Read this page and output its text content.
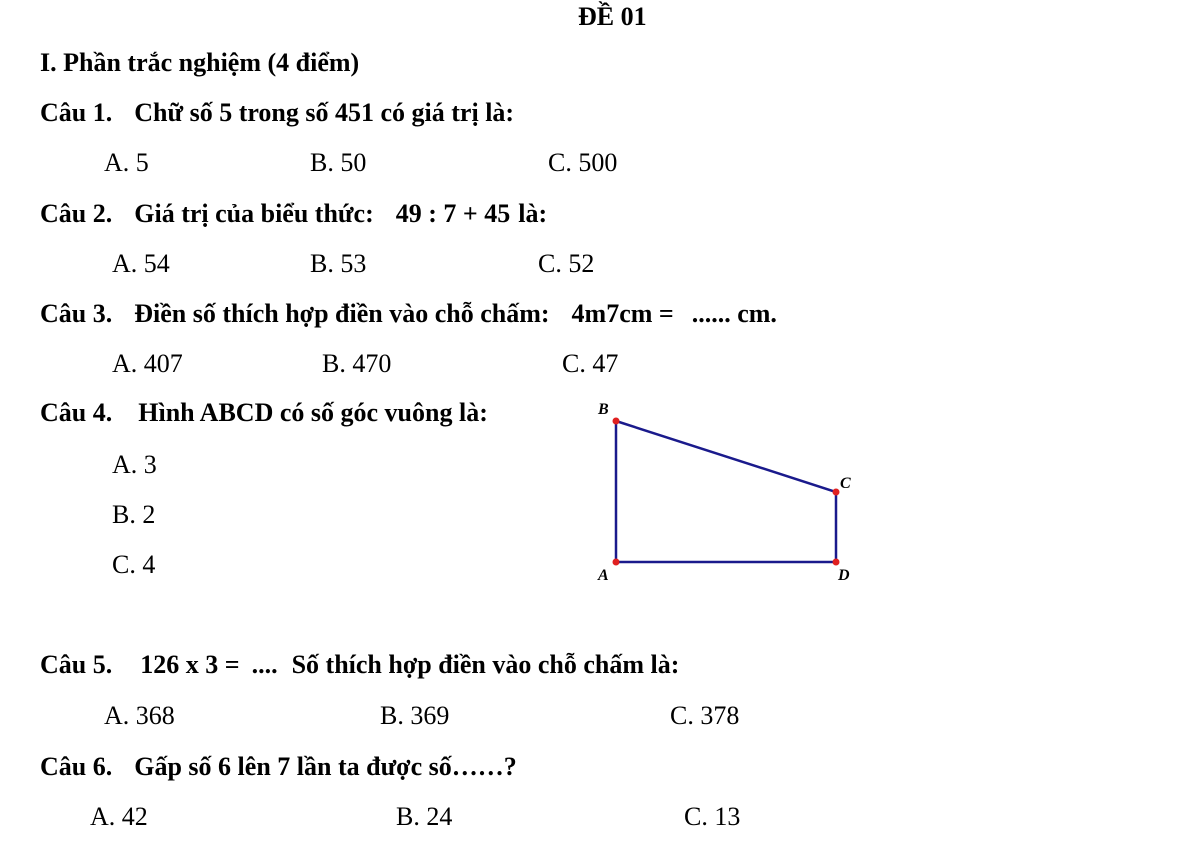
ĐỀ 01
I. Phần trắc nghiệm (4 điểm)
Câu 1. Chữ số 5 trong số 451 có giá trị là:
A. 5	B. 50	C. 500
Câu 2. Giá trị của biểu thức: 49 : 7 + 45 là:
A. 54	B. 53	C. 52
Câu 3. Điền số thích hợp điền vào chỗ chấm: 4m7cm = ...... cm.
A. 407	B. 470	C. 47
Câu 4. Hình ABCD có số góc vuông là:
A. 3
B. 2
C. 4
B
C
A	D
Câu 5. 126 x 3 = .... Số thích hợp điền vào chỗ chấm là:
A. 368	B. 369	C. 378
Câu 6. Gấp số 6 lên 7 lần ta được số……?
A. 42	B. 24	C. 13
